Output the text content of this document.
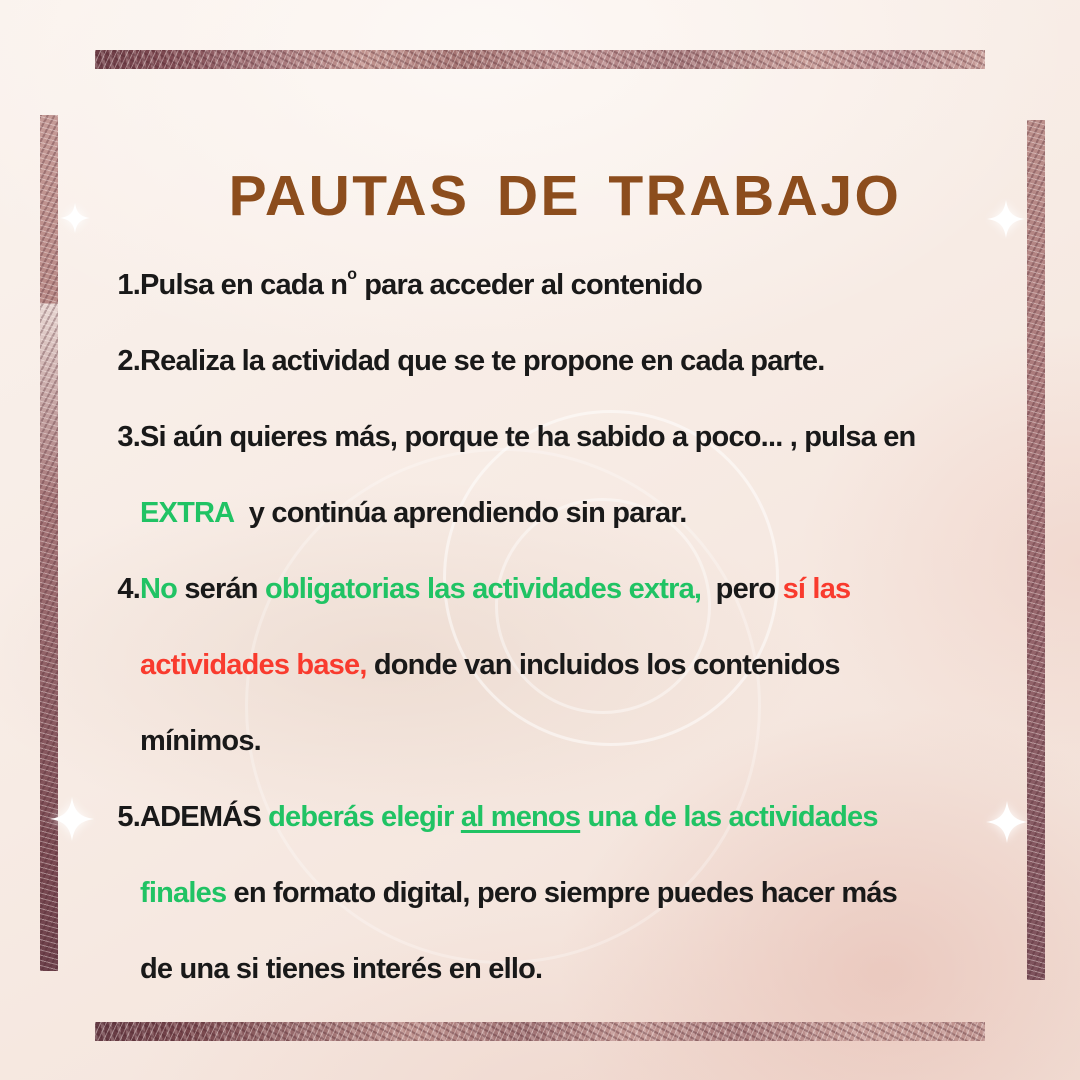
PAUTAS DE TRABAJO
1. Pulsa en cada n o para acceder al contenido
2. Realiza la actividad que se te propone en cada parte.
3. Si aún quieres más, porque te ha sabido a poco... , pulsa en
EXTRA y continúa aprendiendo sin parar.
4. No serán obligatorias las actividades extra, pero sí las
actividades base, donde van incluidos los contenidos
mínimos.
5. ADEMÁS deberás elegir al menos una de las actividades
finales en formato digital, pero siempre puedes hacer más
de una si tienes interés en ello.
